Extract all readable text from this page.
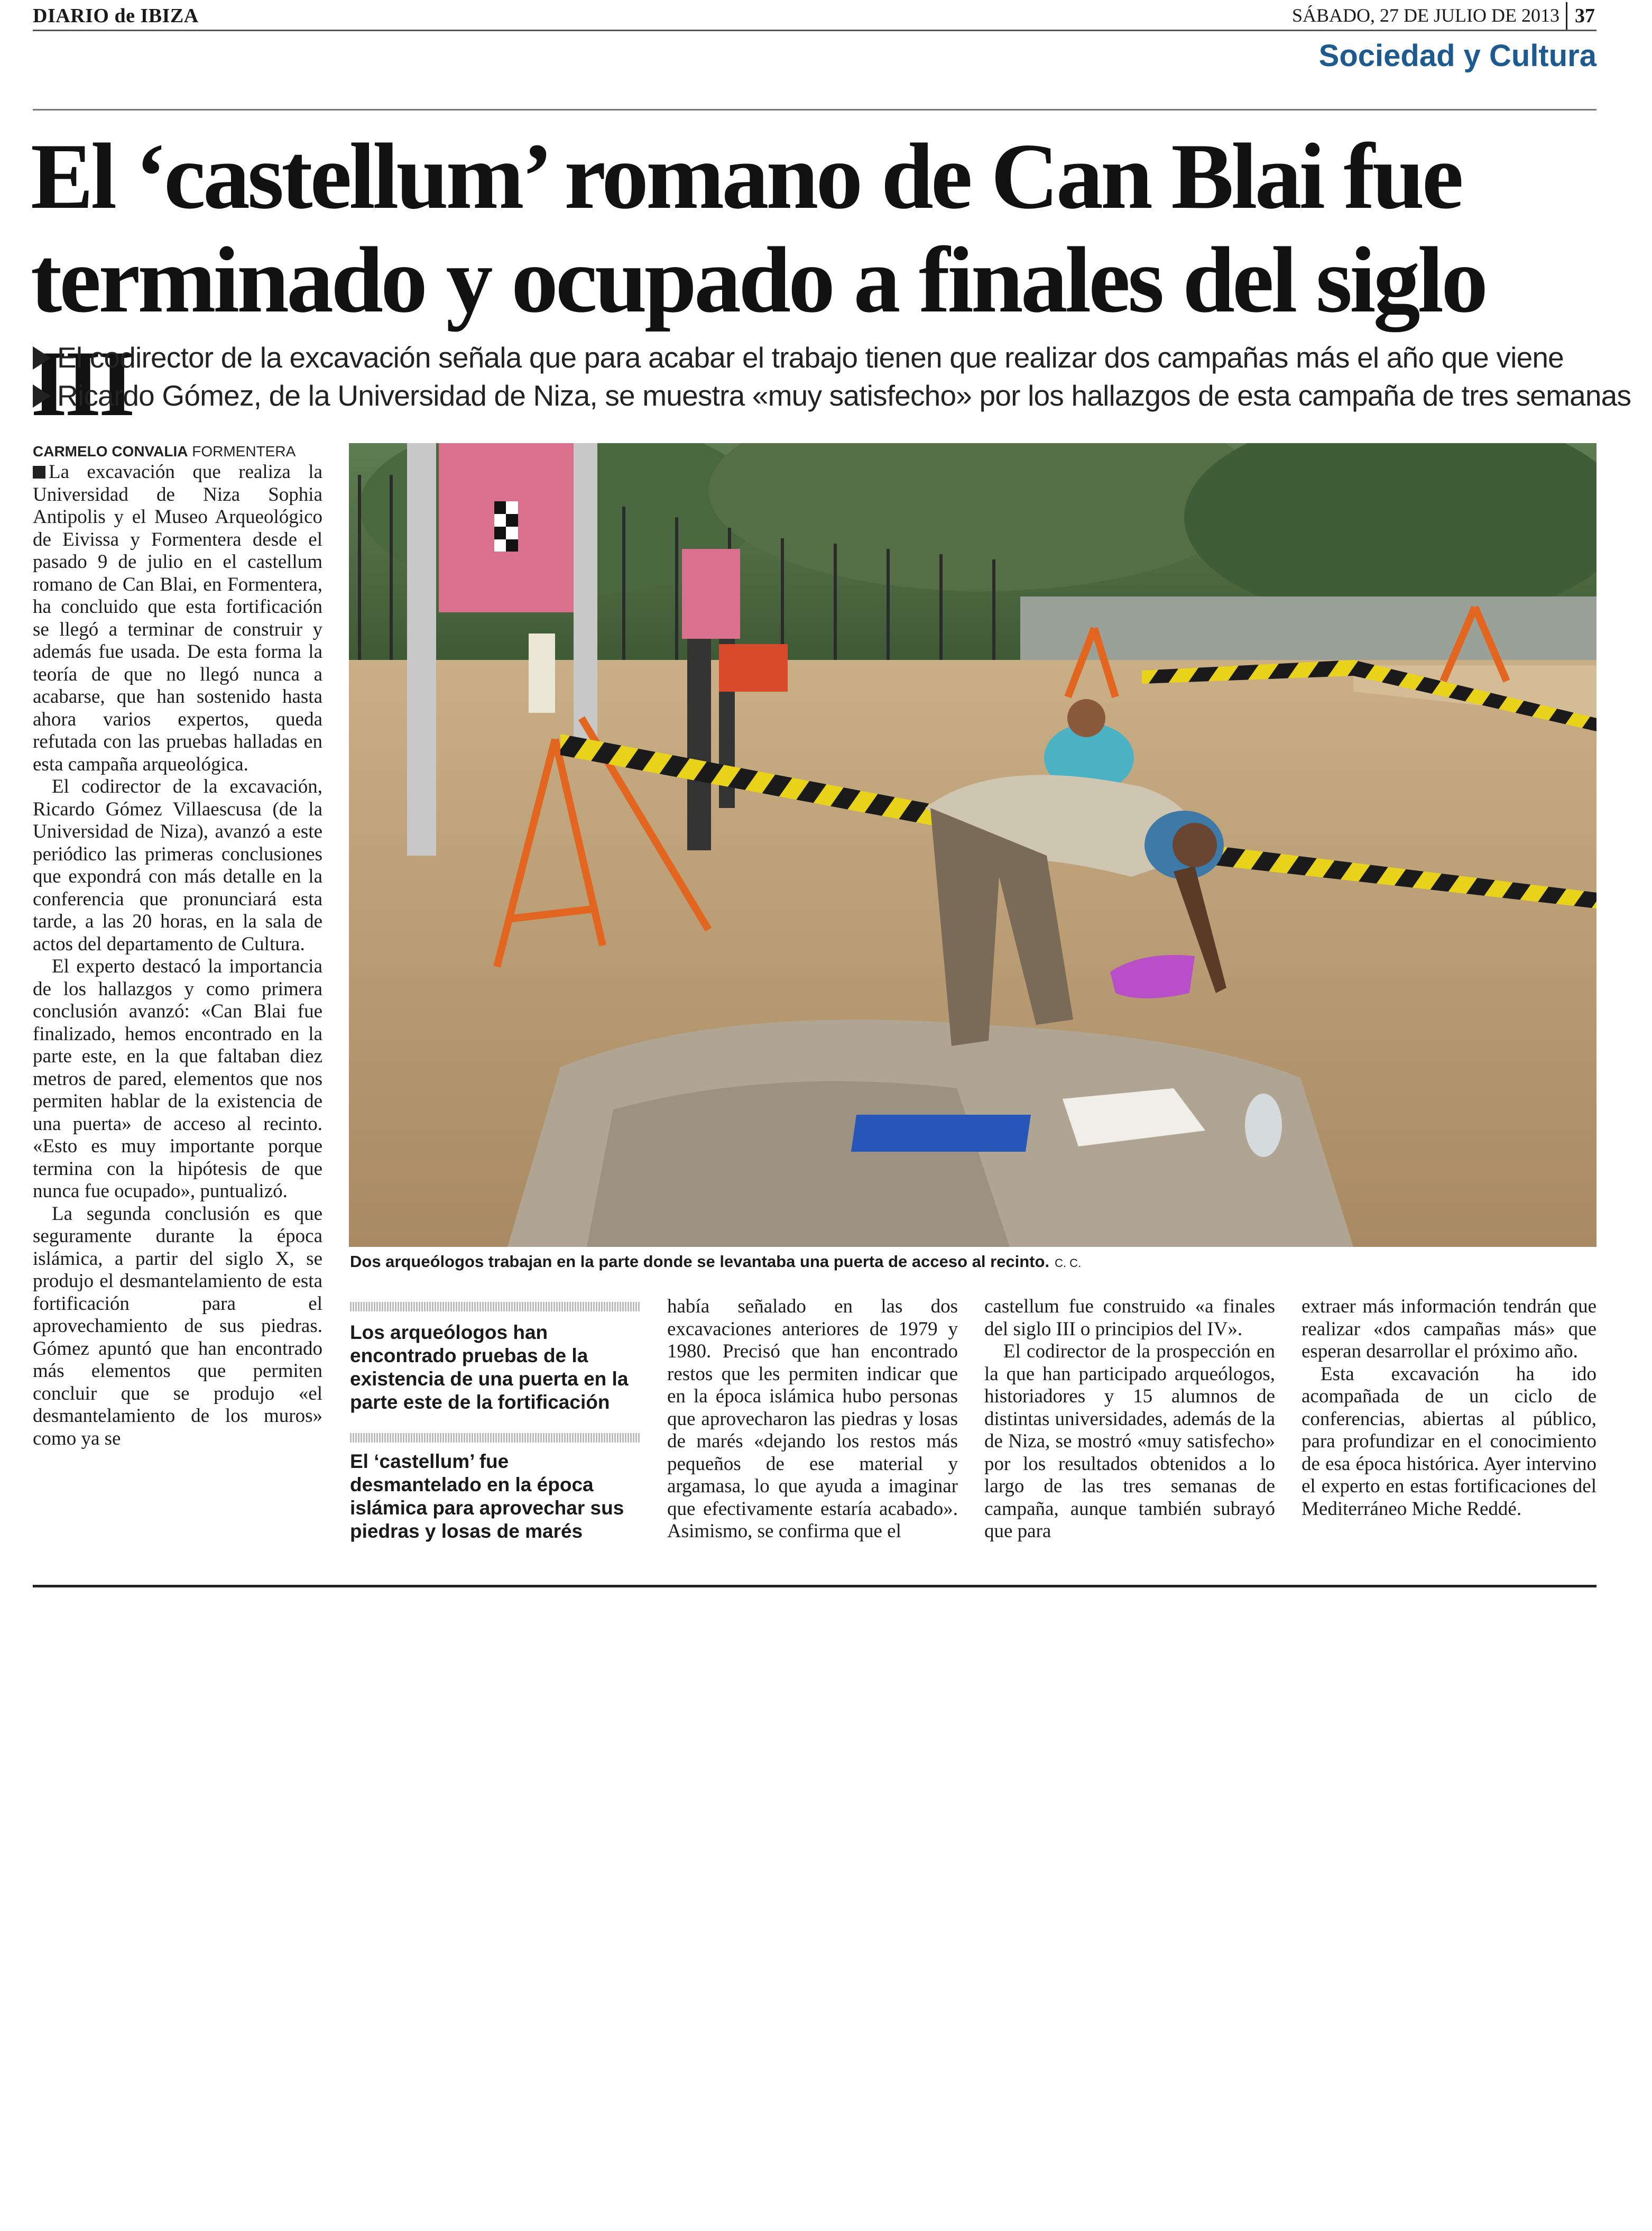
DIARIO de IBIZA	SÁBADO, 27 DE JULIO DE 2013 37
Sociedad y Cultura
El ‘castellum’ romano de Can Blai fue
terminado y ocupado a finales del siglo III
El codirector de la excavación señala que para acabar el trabajo tienen que realizar dos campañas más el año que viene
Ricardo Gómez, de la Universidad de Niza, se muestra «muy satisfecho» por los hallazgos de esta campaña de tres semanas
CARMELO CONVALIA FORMENTERA

La excavación que realiza la Universidad de Niza Sophia Antipolis y el Museo Arqueológico de Eivissa y Formentera desde el pasado 9 de julio en el castellum romano de Can Blai, en Formentera, ha concluido que esta fortificación se llegó a terminar de construir y además fue usada. De esta forma la teoría de que no llegó nunca a acabarse, que han sostenido hasta ahora varios expertos, queda refutada con las pruebas halladas en esta campaña arqueológica.

El codirector de la excavación, Ricardo Gómez Villaescusa (de la Universidad de Niza), avanzó a este periódico las primeras conclusiones que expondrá con más detalle en la conferencia que pronunciará esta tarde, a las 20 horas, en la sala de actos del departamento de Cultura.

El experto destacó la importancia de los hallazgos y como primera conclusión avanzó: «Can Blai fue finalizado, hemos encontrado en la parte este, en la que faltaban diez metros de pared, elementos que nos permiten hablar de la existencia de una puerta» de acceso al recinto. «Esto es muy importante porque termina con la hipótesis de que nunca fue ocupado», puntualizó.

La segunda conclusión es que seguramente durante la época islámica, a partir del siglo X, se produjo el desmantelamiento de esta fortificación para el aprovechamiento de sus piedras. Gómez apuntó que han encontrado más elementos que permiten concluir que se produjo «el desmantelamiento de los muros» como ya se

Dos arqueólogos trabajan en la parte donde se levantaba una puerta de acceso al recinto. C. C.
Los arqueólogos han encontrado pruebas de la existencia de una puerta en la parte este de la fortificación
El ‘castellum’ fue desmantelado en la época islámica para aprovechar sus piedras y losas de marés

había señalado en las dos excavaciones anteriores de 1979 y 1980. Precisó que han encontrado restos que les permiten indicar que en la época islámica hubo personas que aprovecharon las piedras y losas de marés «dejando los restos más pequeños de ese material y argamasa, lo que ayuda a imaginar que efectivamente estaría acabado». Asimismo, se confirma que el

castellum fue construido «a finales del siglo III o principios del IV».

El codirector de la prospección en la que han participado arqueólogos, historiadores y 15 alumnos de distintas universidades, además de la de Niza, se mostró «muy satisfecho» por los resultados obtenidos a lo largo de las tres semanas de campaña, aunque también subrayó que para

extraer más información tendrán que realizar «dos campañas más» que esperan desarrollar el próximo año.

Esta excavación ha ido acompañada de un ciclo de conferencias, abiertas al público, para profundizar en el conocimiento de esa época histórica. Ayer intervino el experto en estas fortificaciones del Mediterráneo Miche Reddé.
